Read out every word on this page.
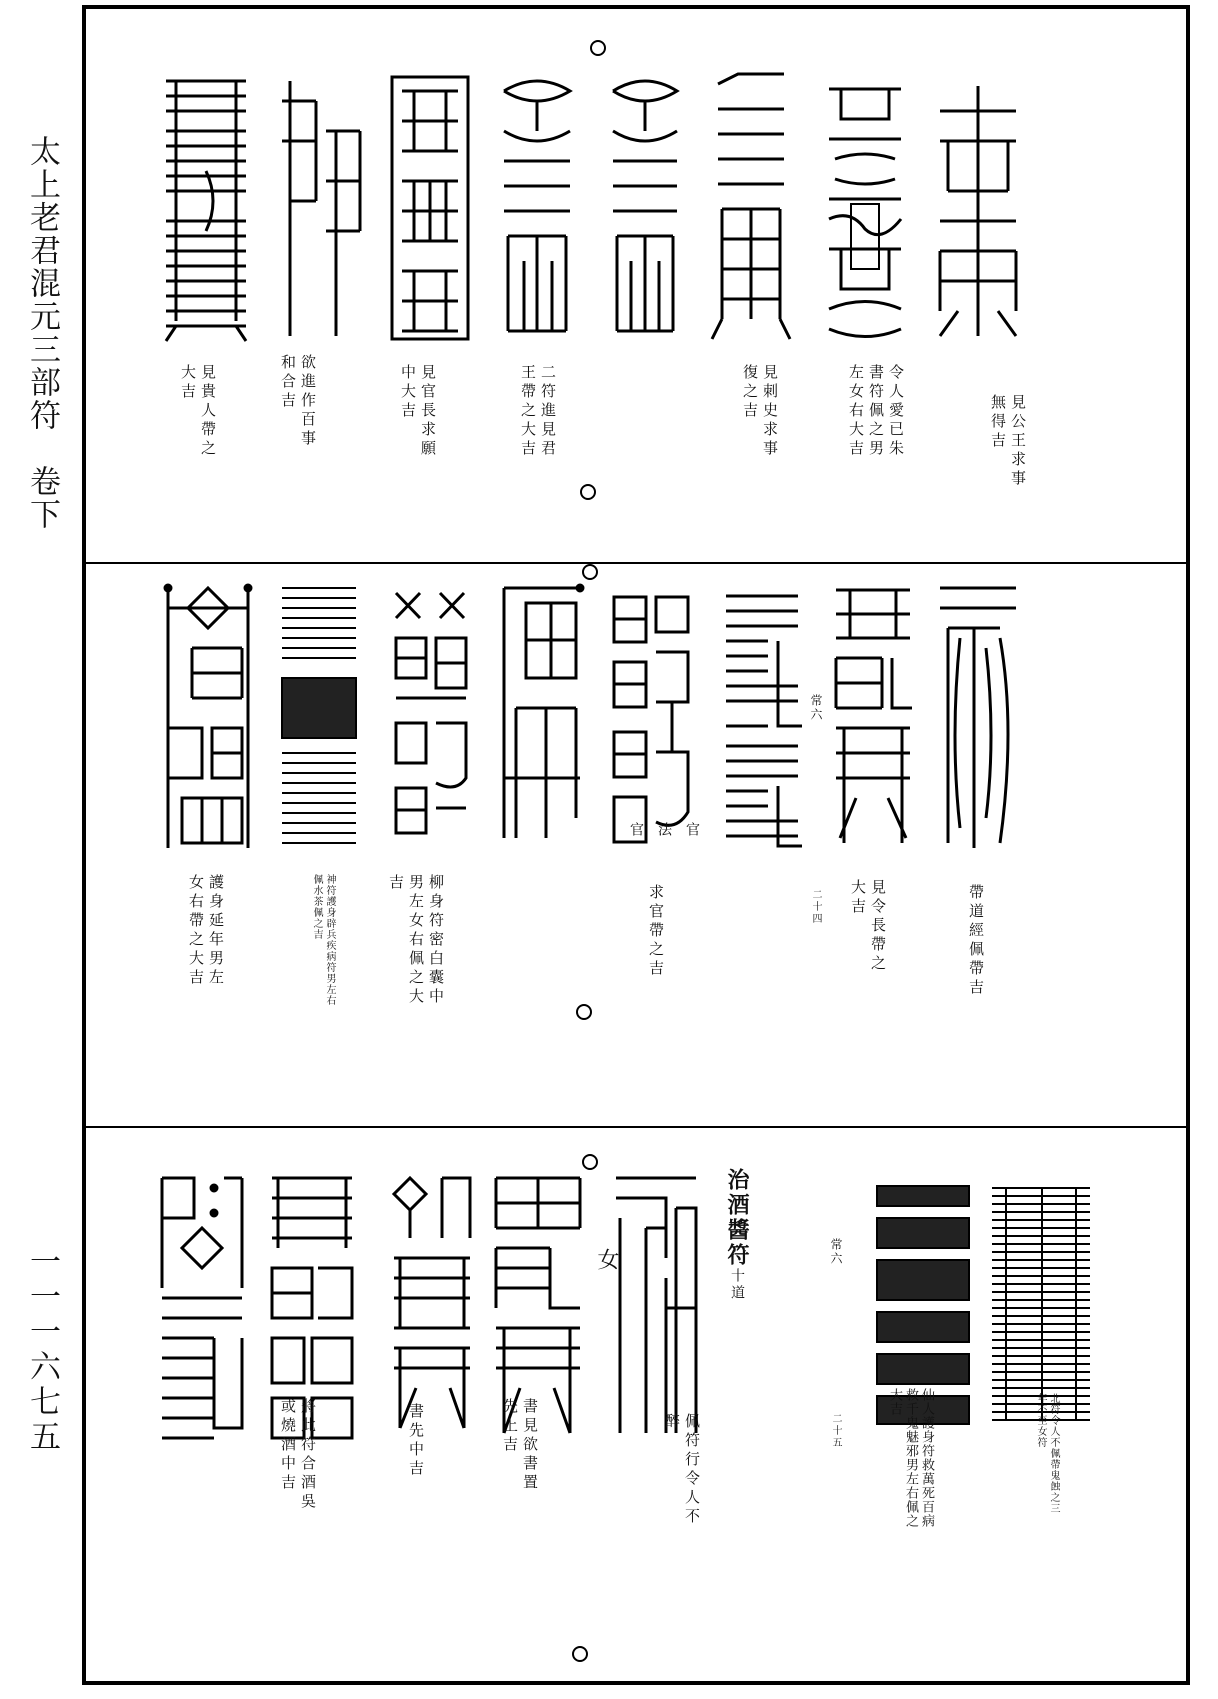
太上老君混元三部符　卷下
一一一六七五
見公王求事無得吉
令人愛已朱書符佩之男左女右大吉
見刺史求事復之吉
二符進見君王帶之大吉
見官長求願中大吉
欲進作百事和合吉
見貴人帶之大吉
常六
官 法 官
帶道經佩帶吉
見令長帶之大吉
二十四
求官帶之吉
柳身符密白囊中男左女右佩之大吉
神符護身辟兵疾病符男左右佩水茶佩之吉
護身延年男左女右帶之大吉
常六
治酒醬符十道
女
北符令人不佩帶鬼蝕之三年不至女符
仙人護身符救萬死百病救千鬼魅邪男左右佩之大吉
二十五
佩符行令人不醉
書見欲書置先上吉
書先中吉
將此符合酒吳或燒酒中吉
